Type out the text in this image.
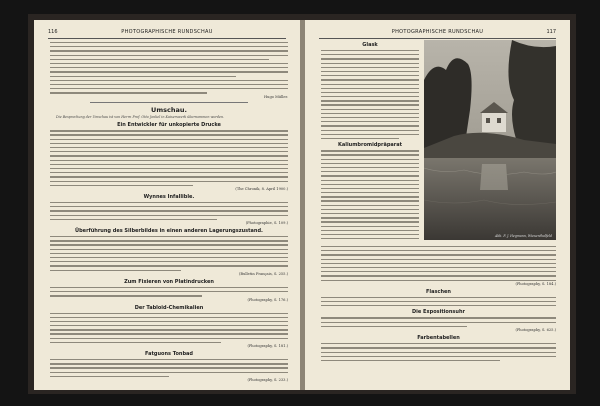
116	PHOTOGRAPHISCHE RUNDSCHAU
Hugo Müller.
Umschau.
Die Besprechung der Umschau ist von Herrn Prof. Otto Jonkel in Kaiserswerk übernommen worden.
Ein Entwickler für unkopierte Drucke
(The Chronik, 8. April 1900.)
Wynnes Infallible.
(Photographie, S. 109.)
Überführung des Silberbildes in einen anderen Lagerungszustand.
(Bulletin Français, S. 255.)
Zum Fixieren von Platindrucken
(Photography, S. 176.)
Der Tabloid-Chemikalien
(Photography, S. 181.)
Fatguons Tonbad
(Photography, S. 233.)
PHOTOGRAPHISCHE RUNDSCHAU	117
Glask
Kaliumbromidpräparat
Abb. F. J. Hegmann, Wiesenthalfeld
(Photography, S. 184.)
Flaschen
Die Expositionsuhr
(Photography, S. 625.)
Farbentabellen
